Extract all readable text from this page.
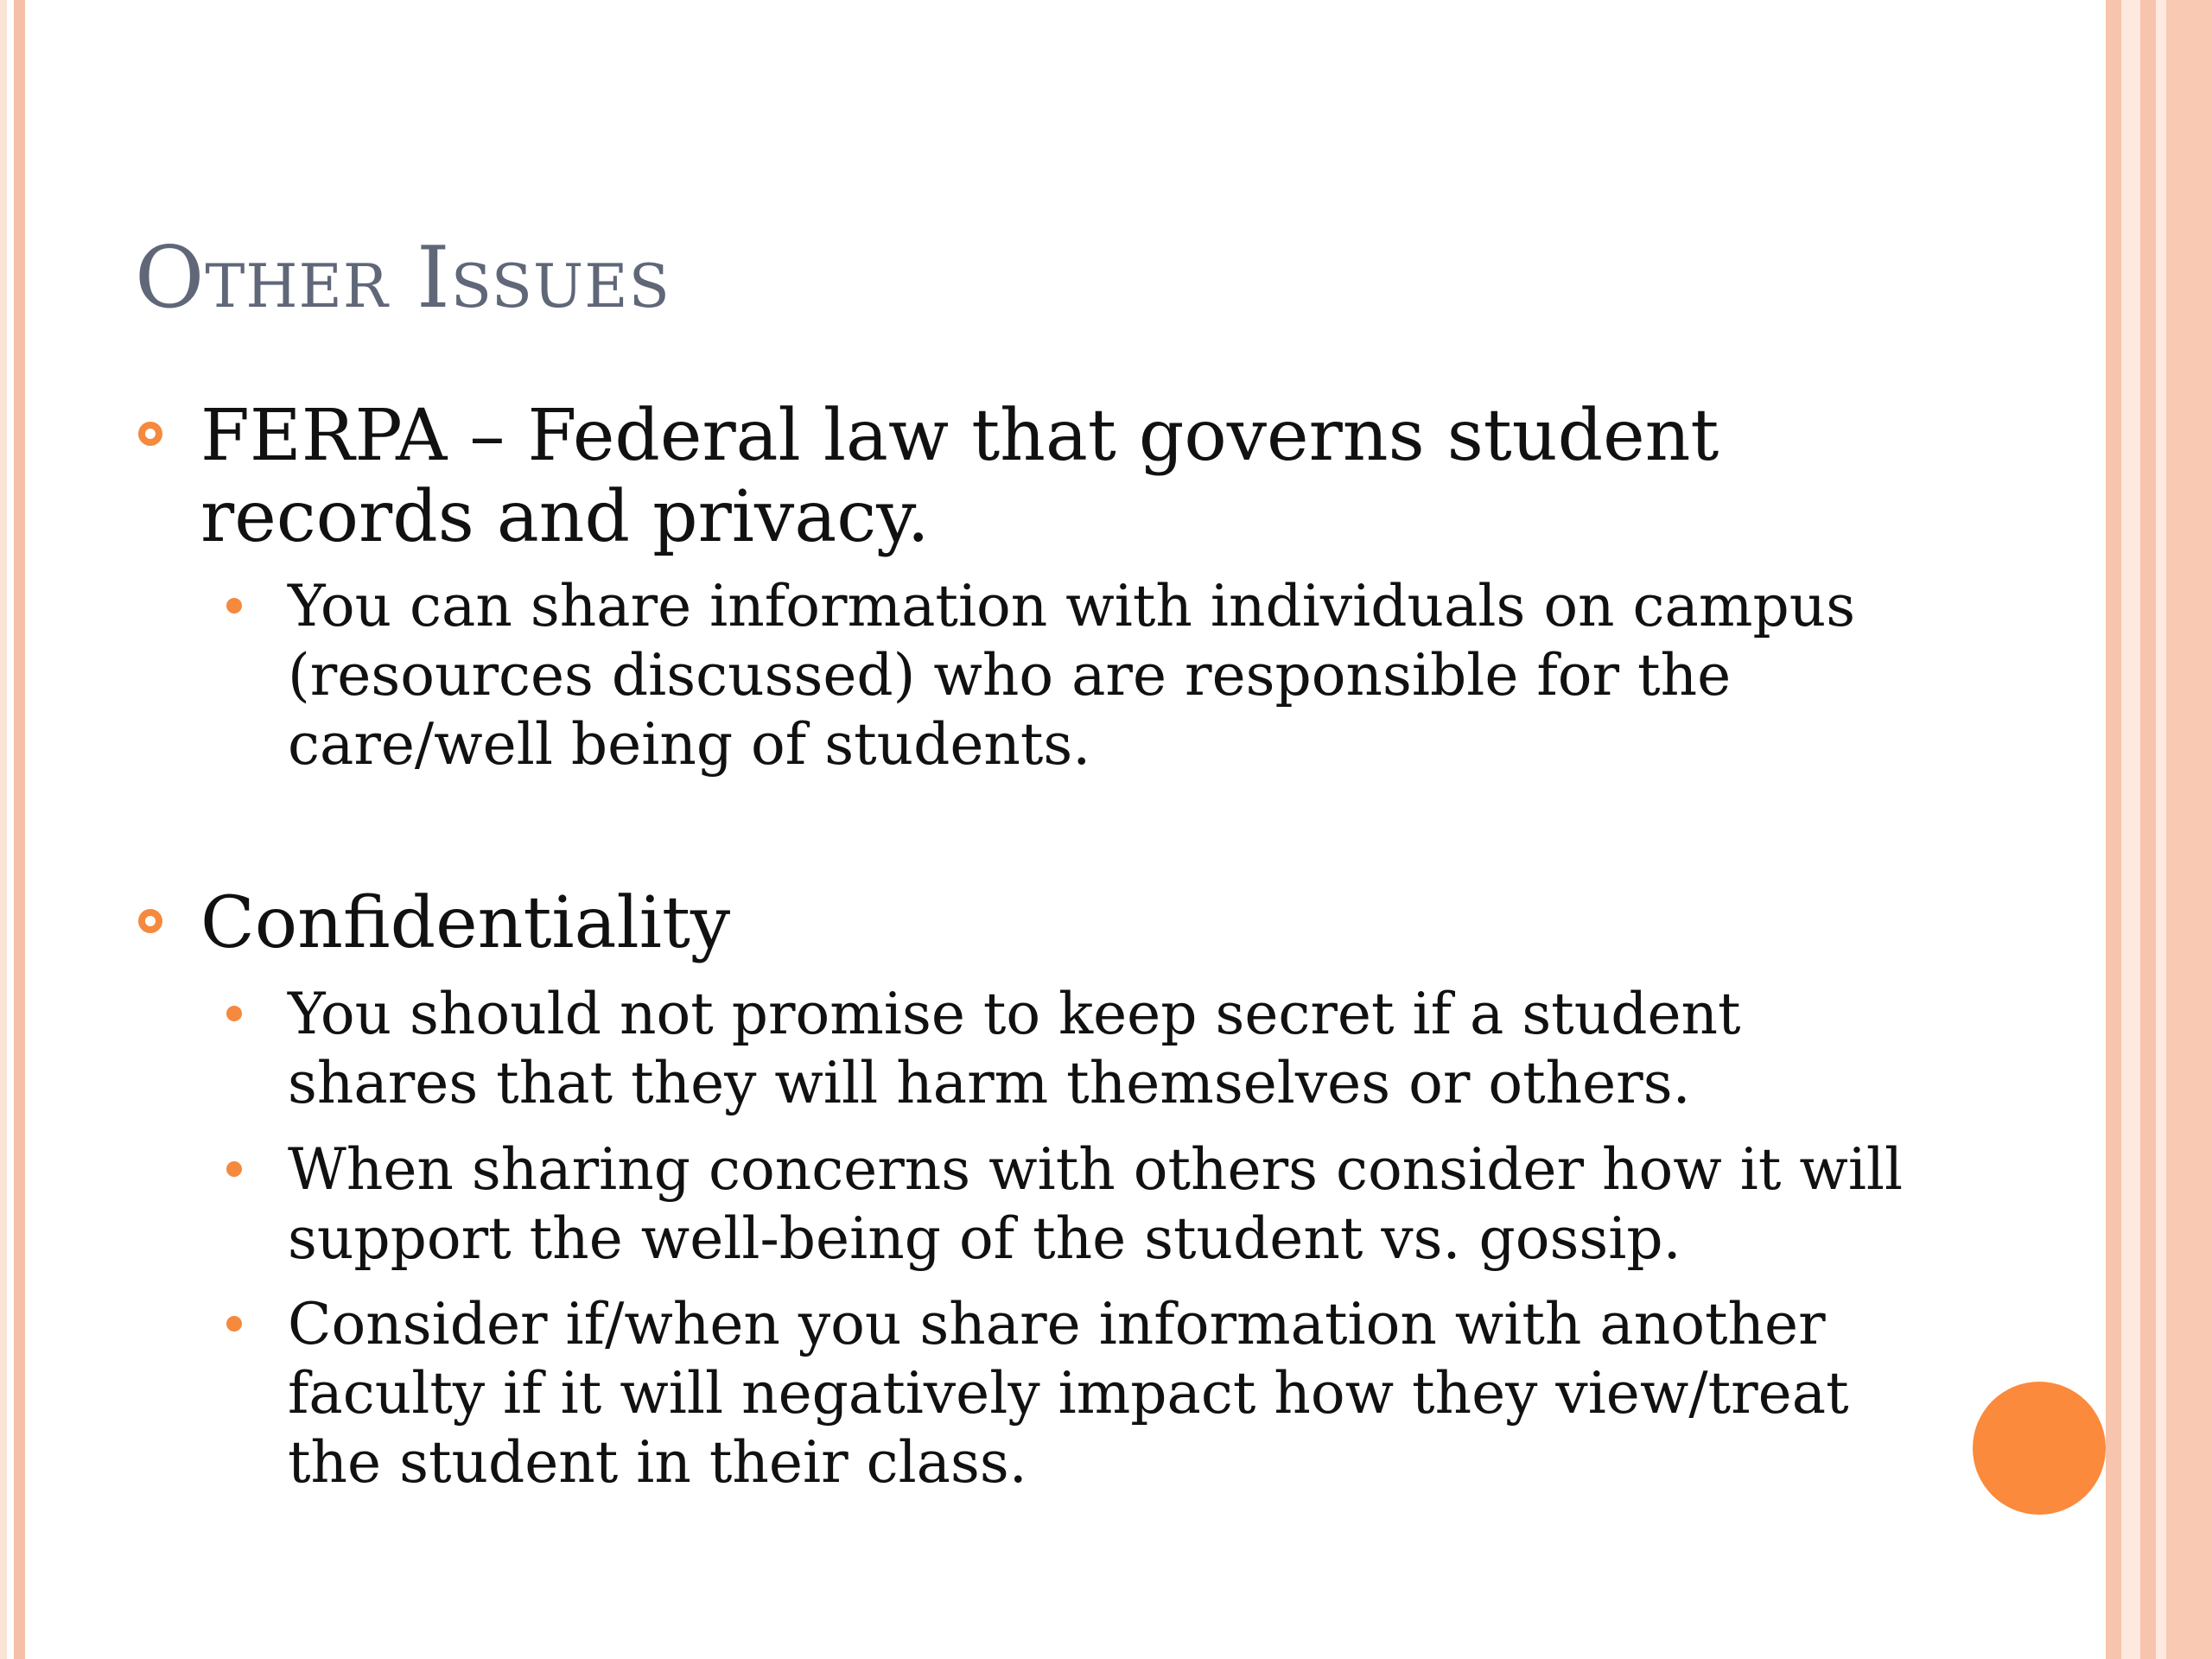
Other Issues

FERPA – Federal law that governs student records and privacy.

You can share information with individuals on campus (resources discussed) who are responsible for the care/well being of students.

Confidentiality

You should not promise to keep secret if a student shares that they will harm themselves or others.

When sharing concerns with others consider how it will support the well-being of the student vs. gossip.

Consider if/when you share information with another faculty if it will negatively impact how they view/treat the student in their class.
